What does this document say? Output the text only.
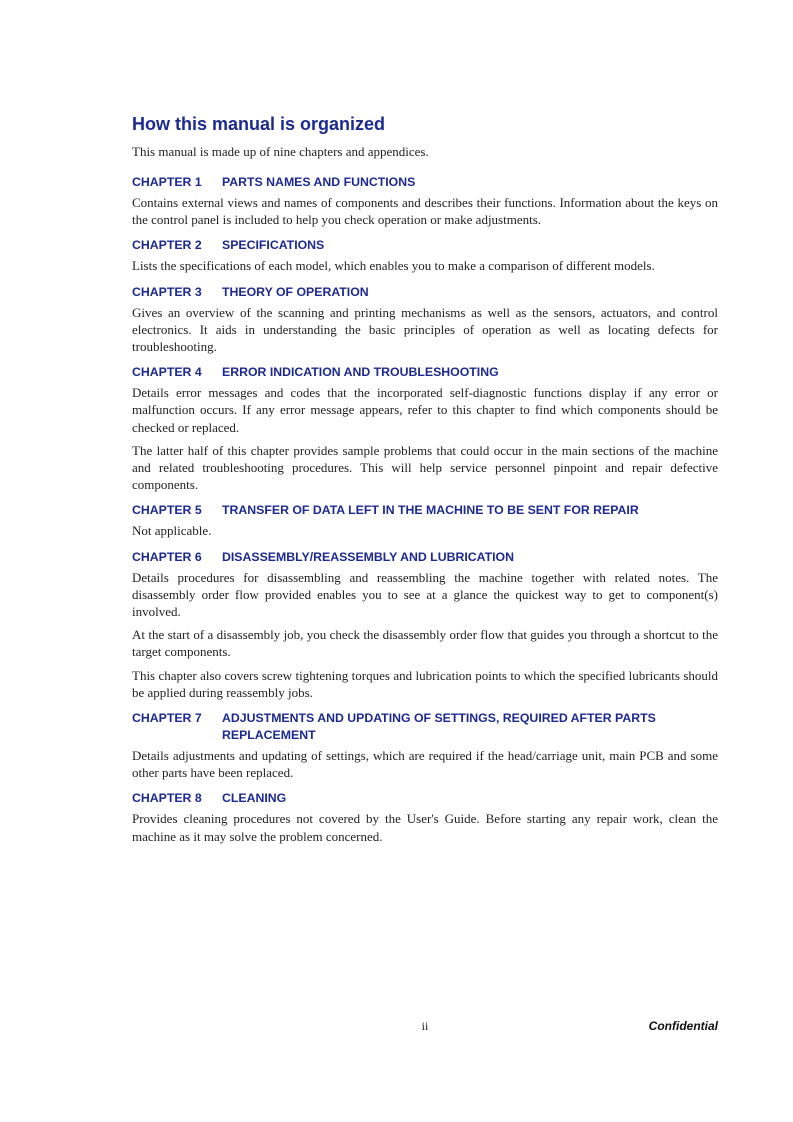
How this manual is organized

This manual is made up of nine chapters and appendices.

CHAPTER 1	PARTS NAMES AND FUNCTIONS

Contains external views and names of components and describes their functions. Information about the keys on the control panel is included to help you check operation or make adjustments.

CHAPTER 2	SPECIFICATIONS

Lists the specifications of each model, which enables you to make a comparison of different models.

CHAPTER 3	THEORY OF OPERATION

Gives an overview of the scanning and printing mechanisms as well as the sensors, actuators, and control electronics. It aids in understanding the basic principles of operation as well as locating defects for troubleshooting.

CHAPTER 4	ERROR INDICATION AND TROUBLESHOOTING

Details error messages and codes that the incorporated self-diagnostic functions display if any error or malfunction occurs. If any error message appears, refer to this chapter to find which components should be checked or replaced.

The latter half of this chapter provides sample problems that could occur in the main sections of the machine and related troubleshooting procedures. This will help service personnel pinpoint and repair defective components.

CHAPTER 5	TRANSFER OF DATA LEFT IN THE MACHINE TO BE SENT FOR REPAIR

Not applicable.

CHAPTER 6	DISASSEMBLY/REASSEMBLY AND LUBRICATION

Details procedures for disassembling and reassembling the machine together with related notes. The disassembly order flow provided enables you to see at a glance the quickest way to get to component(s) involved.

At the start of a disassembly job, you check the disassembly order flow that guides you through a shortcut to the target components.

This chapter also covers screw tightening torques and lubrication points to which the specified lubricants should be applied during reassembly jobs.

CHAPTER 7	ADJUSTMENTS AND UPDATING OF SETTINGS, REQUIRED AFTER PARTS REPLACEMENT

Details adjustments and updating of settings, which are required if the head/carriage unit, main PCB and some other parts have been replaced.

CHAPTER 8	CLEANING

Provides cleaning procedures not covered by the User's Guide. Before starting any repair work, clean the machine as it may solve the problem concerned.

ii	Confidential
